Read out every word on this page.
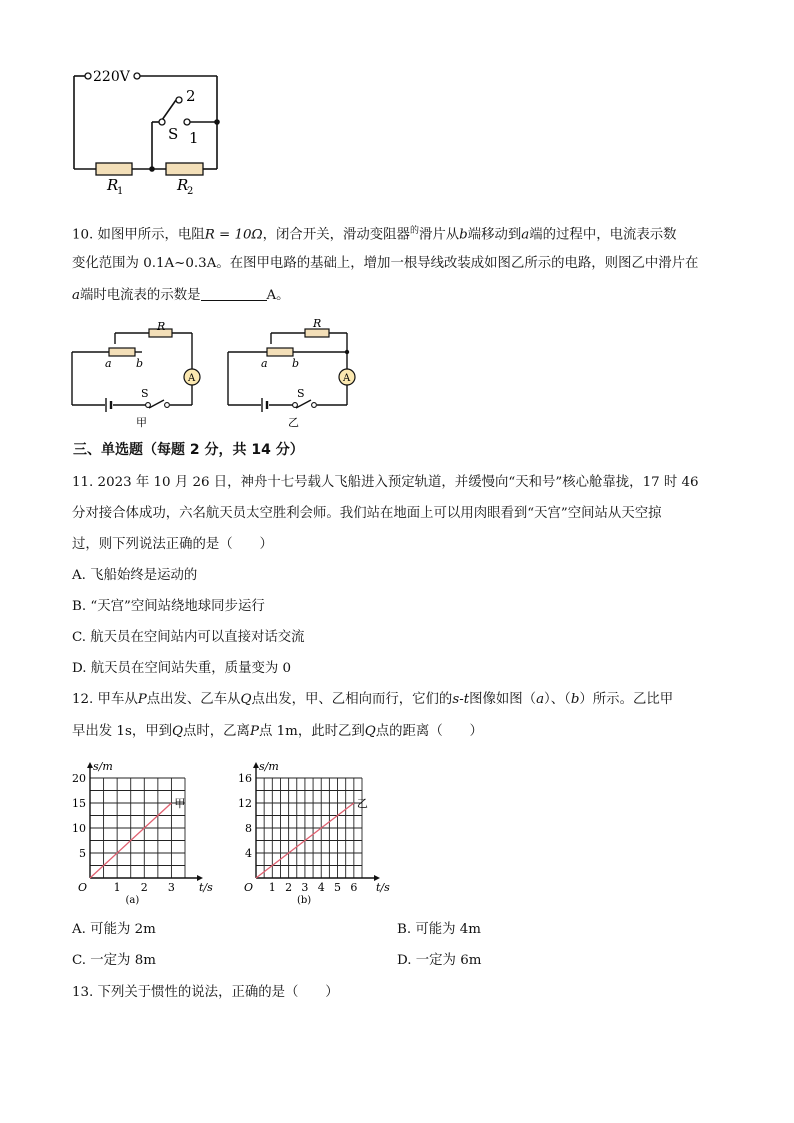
220V
2
S 1
R
1	R
2
10. 如图甲所示，电阻R = 10Ω，闭合开关，滑动变阻器$^的$滑片从b端移动到a端的过程中，电流表示数
变化范围为 0.1A~0.3A。在图甲电路的基础上，增加一根导线改装成如图乙所示的电路，则图乙中滑片在
a端时电流表的示数是	A。
A
R
a b
S
甲
A
R
a b
S
乙
三、单选题（每题 2 分，共 14 分）
11. 2023 年 10 月 26 日，神舟十七号载人飞船进入预定轨道，并缓慢向“天和号”核心舱靠拢，17 时 46
分对接合体成功，六名航天员太空胜利会师。我们站在地面上可以用肉眼看到“天宫”空间站从天空掠
过，则下列说法正确的是（　　）
A. 飞船始终是运动的
B. “天宫”空间站绕地球同步运行
C. 航天员在空间站内可以直接对话交流
D. 航天员在空间站失重，质量变为 0
12. 甲车从P点出发、乙车从Q点出发，甲、乙相向而行，它们的s-t图像如图（a）、（b）所示。乙比甲
早出发 1s，甲到Q点时，乙离P点 1m，此时乙到Q点的距离（　　）
1 2 3
5
10
15
20
O
s/m
t/s
甲
(a)
1 2 3 4 5 6
4
8
12
16
O
s/m
t/s
乙
(b)
A. 可能为 2m	B. 可能为 4m
C. 一定为 8m	D. 一定为 6m
13. 下列关于惯性的说法，正确的是（　　）
